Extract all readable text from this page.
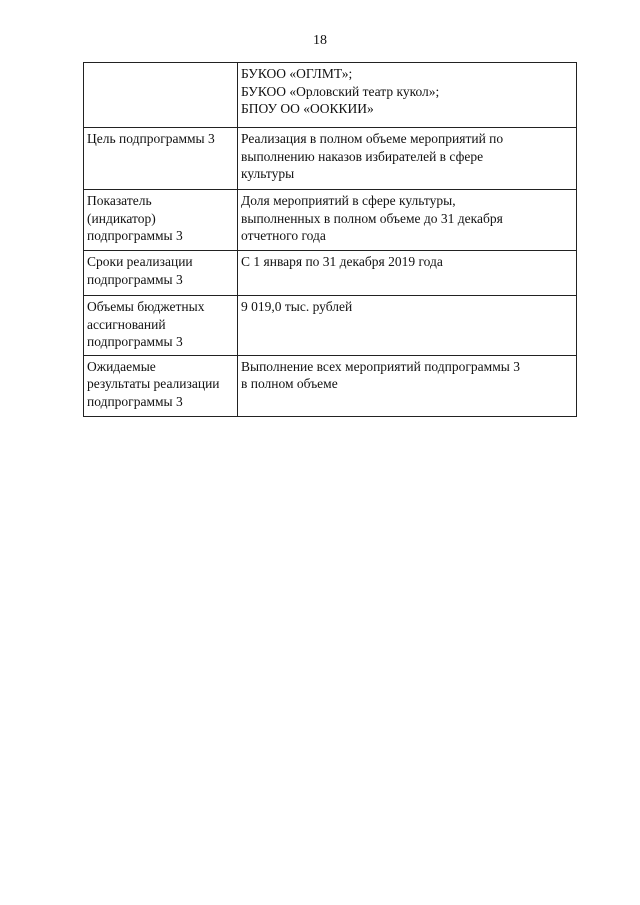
18

	БУКОО «ОГЛМТ»;
БУКОО «Орловский театр кукол»;
БПОУ ОО «ООККИИ»

Цель подпрограммы 3	Реализация в полном объеме мероприятий по
выполнению наказов избирателей в сфере
культуры

Показатель
(индикатор)
подпрограммы 3	Доля мероприятий в сфере культуры,
выполненных в полном объеме до 31 декабря
отчетного года

Сроки реализации
подпрограммы 3	С 1 января по 31 декабря 2019 года

Объемы бюджетных
ассигнований
подпрограммы 3	9 019,0 тыс. рублей

Ожидаемые
результаты реализации
подпрограммы 3	Выполнение всех мероприятий подпрограммы 3
в полном объеме
